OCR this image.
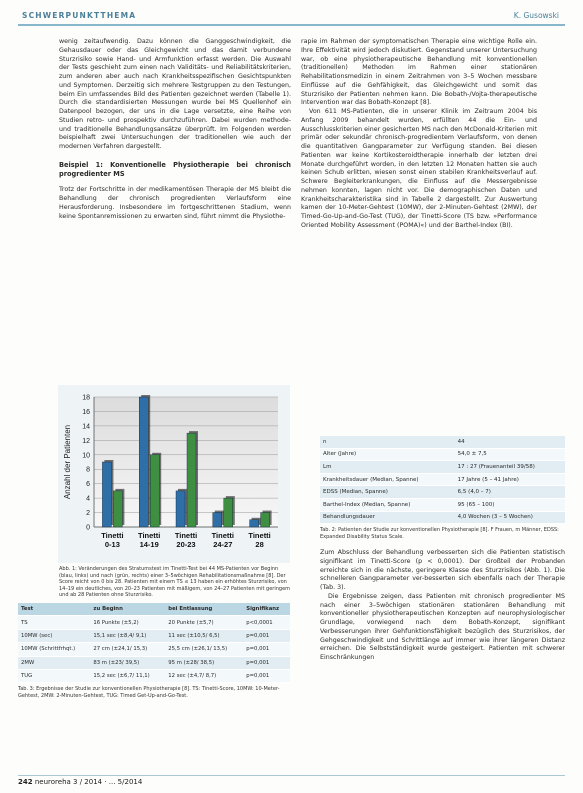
SCHWERPUNKTTHEMA	K. Gusowski

wenig zeitaufwendig. Dazu können die Ganggeschwindigkeit, die Gehausdauer oder das Gleichgewicht und das damit verbundene Sturzrisiko sowie Hand- und Armfunktion erfasst werden. Die Auswahl der Tests geschieht zum einen nach Validitäts- und Reliabilitätskriterien, zum anderen aber auch nach Krankheitsspezifischen Gesichtspunkten und Symptomen. Derzeitig sich mehrere Testgruppen zu den Testungen, beim Ein umfassendes Bild des Patienten gezeichnet werden (Tabelle 1). Durch die standardisierten Messungen wurde bei MS Quellenhof ein Datenpool bezogen, der uns in die Lage versetzte, eine Reihe von Studien retro- und prospektiv durchzuführen. Dabei wurden methode- und traditionelle Behandlungsansätze überprüft. Im Folgenden werden beispielhaft zwei Untersuchungen der traditionellen wie auch der modernen Verfahren dargestellt.

Beispiel 1: Konventionelle Physiotherapie bei chronisch progredienter MS

Trotz der Fortschritte in der medikamentösen Therapie der MS bleibt die Behandlung der chronisch progredienten Verlaufsform eine Herausforderung. Insbesondere im fortgeschrittenen Stadium, wenn keine Spontanremissionen zu erwarten sind, führt nimmt die Physiothe-

0
2
4
6
8
10
12
14
16
18
Anzahl der Patienten
Tinetti
0-13
Tinetti
14-19
Tinetti
20-23
Tinetti
24-27
Tinetti
28
Abb. 1: Veränderungen des Stratumstest im Tinetti-Test bei 44 MS-Patienten vor Beginn (blau, links) und nach (grün, rechts) einer 3–5wöchigen Rehabilitationsmaßnahme [8]. Der Score reicht von 0 bis 28. Patienten mit einem TS ≤ 13 haben ein erhöhtes Sturzrisiko, von 14–19 ein deutliches, von 20–23 Patienten mit mäßigem, von 24–27 Patienten mit geringem und ab 28 Patienten ohne Sturzrisiko.
Test	zu Beginn	bei Entlassung	Signifikanz
TS	16 Punkte (±5,2)	20 Punkte (±5,7)	p<0,0001
10MW (sec)	15,1 sec (±8,4/ 9,1)	11 sec (±10,5/ 6,5)	p=0,001
10MW (Schrittfrhqt.)	27 cm (±24,1/ 15,3)	25,5 cm (±26,1/ 13,5)	p=0,001
2MW	83 m (±23/ 39,5)	95 m (±28/ 38,5)	p=0,001
TUG	15,2 sec (±6,7/ 11,1)	12 sec (±4,7/ 8,7)	p=0,001
Tab. 3: Ergebnisse der Studie zur konventionellen Physiotherapie [8]. TS: Tinetti-Score, 10MW: 10-Meter-Gehtest, 2MW: 2-Minuten-Gehtest, TUG: Timed Get-Up-and-Go-Test.

rapie im Rahmen der symptomatischen Therapie eine wichtige Rolle ein. Ihre Effektivität wird jedoch diskutiert. Gegenstand unserer Untersuchung war, ob eine physiotherapeutische Behandlung mit konventionellen (traditionellen) Methoden im Rahmen einer stationären Rehabilitationsmedizin in einem Zeitrahmen von 3–5 Wochen messbare Einflüsse auf die Gehfähigkeit, das Gleichgewicht und somit das Sturzrisiko der Patienten nehmen kann. Die Bobath-/Vojta-therapeutische Intervention war das Bobath-Konzept [8].

Von 611 MS-Patienten, die in unserer Klinik im Zeitraum 2004 bis Anfang 2009 behandelt wurden, erfüllten 44 die Ein- und Ausschlusskriterien einer gesicherten MS nach den McDonald-Kriterien mit primär oder sekundär chronisch-progredientem Verlaufsform, von denen die quantitativen Gangparameter zur Verfügung standen. Bei diesen Patienten war keine Kortikosteroidtherapie innerhalb der letzten drei Monate durchgeführt worden, in den letzten 12 Monaten hatten sie auch keinen Schub erlitten, wiesen sonst einen stabilen Krankheitsverlauf auf. Schwere Begleiterkrankungen, die Einfluss auf die Messergebnisse nehmen konnten, lagen nicht vor. Die demographischen Daten und Krankheitscharakteristika sind in Tabelle 2 dargestellt. Zur Auswertung kamen der 10-Meter-Gehtest (10MW), der 2-Minuten-Gehtest (2MW), der Timed-Go-Up-and-Go-Test (TUG), der Tinetti-Score (TS bzw. »Performance Oriented Mobility Assessment (POMA)«) und der Barthel-Index (BI).

n	44
Alter (Jahre)	54,0 ± 7,5
Lm	17 : 27 (Frauenanteil 39/58)
Krankheitsdauer (Median, Spanne)	17 Jahre (5 – 41 Jahre)
EDSS (Median, Spanne)	6,5 (4,0 – 7)
Barthel-Index (Median, Spanne)	95 (65 – 100)
Behandlungsdauer	4,0 Wochen (3 – 5 Wochen)
Tab. 2: Patienten der Studie zur konventionellen Physiotherapie [8]. F Frauen, m Männer, EDSS: Expanded Disability Status Scale.

Zum Abschluss der Behandlung verbesserten sich die Patienten statistisch signifikant im Tinetti-Score (p < 0,0001). Der Großteil der Probanden erreichte sich in die nächste, geringere Klasse des Sturzrisikos (Abb. 1). Die schnelleren Gangparameter ver-besserten sich ebenfalls nach der Therapie (Tab. 3).

Die Ergebnisse zeigen, dass Patienten mit chronisch progredienter MS nach einer 3–5wöchigen stationären stationären Behandlung mit konventioneller physiotherapeutischen Konzepten auf neurophysiologischer Grundlage, vorwiegend nach dem Bobath-Konzept, signifikant Verbesserungen ihrer Gehfunktionsfähigkeit bezüglich des Sturzrisikos, der Gehgeschwindigkeit und Schrittlänge auf immer wie ihrer längeren Distanz erreichen. Die Selbstständigkeit wurde gesteigert. Patienten mit schwerer Einschränkungen

242 neuroreha 3 / 2014 · ... 5/2014
